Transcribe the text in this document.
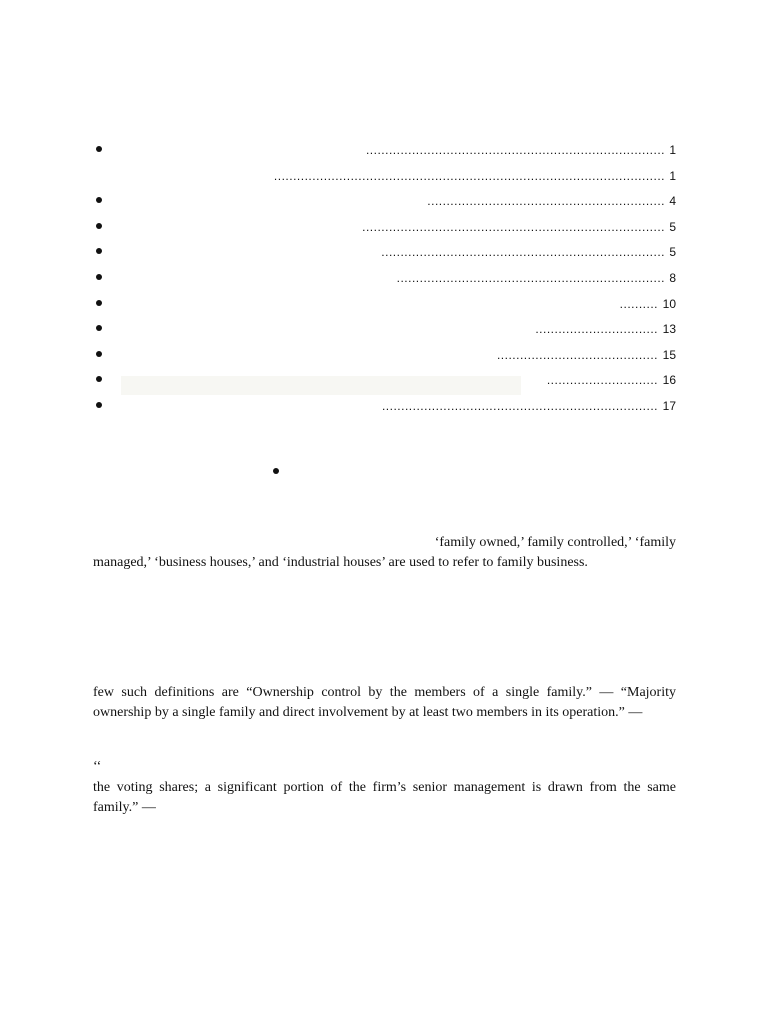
.............................................................................. 1
...................................................................................................... 1
.............................................................. 4
............................................................................... 5
.......................................................................... 5
...................................................................... 8
.......... 10
................................ 13
.......................................... 15
............................. 16
........................................................................ 17
‘family owned,’ family controlled,’ ‘family
managed,’ ‘business houses,’ and ‘industrial houses’ are used to refer to family business.
few such definitions are “Ownership control by the members of a single family.” — “Majority ownership by a single family and direct involvement by at least two members in its operation.” —
‘‘
the voting shares; a significant portion of the firm’s senior management is drawn from the same family.” —
